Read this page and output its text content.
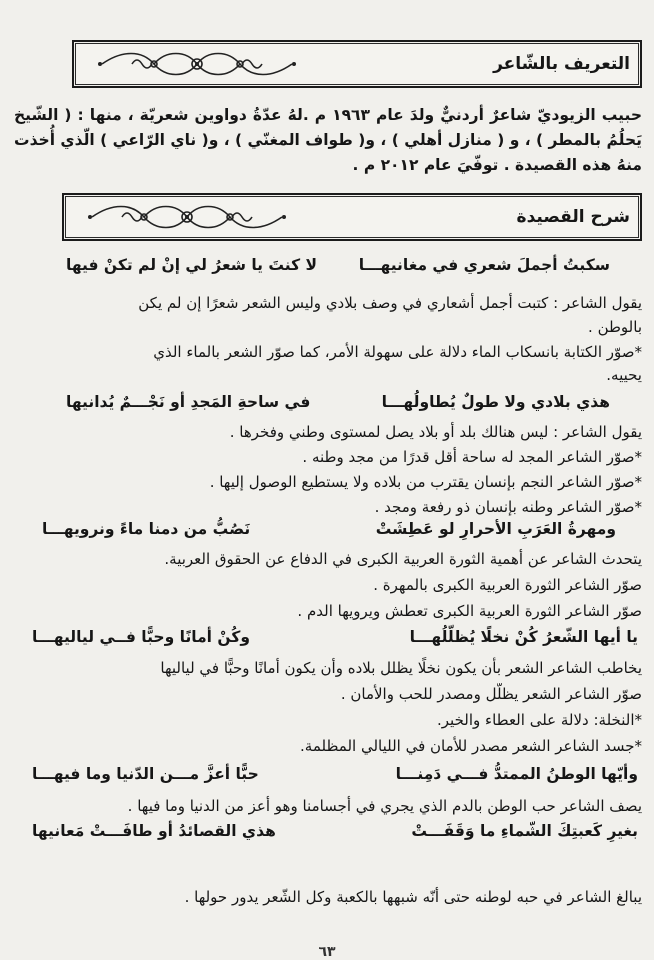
التعريف بالشّاعر
حبيب الزيوديّ شاعرٌ أردنيٌّ ولدَ عام ١٩٦٣ م .لهُ عدّةُ دواوين شعريّة ، منها : ( الشّيخ يَحلُمُ بالمطر ) ، و ( منازل أهلي ) ، و( طواف المغنّي ) ، و( ناي الرّاعي ) الّذي أُخذت منهُ هذه القصيدة . توفّيَ عام ٢٠١٢ م .
شرح القصيدة
سكبتُ أجملَ شعري في مغانيهـــا
لا كنتَ يا شعرُ لي إنْ لم تكنْ فيها
يقول الشاعر : كتبت أجمل أشعاري في وصف بلادي وليس الشعر شعرًا إن لم يكن
بالوطن .
*صوّر الكتابة بانسكاب الماء دلالة على سهولة الأمر، كما صوّر الشعر بالماء الذي
يحييه.
هذي بلادي ولا طولٌ يُطاولُهـــا
في ساحةِ المَجدِ أو نَجْـــمٌ يُدانيها
يقول الشاعر : ليس هنالك بلد أو بلاد يصل لمستوى وطني وفخرها .
*صوّر الشاعر المجد له ساحة أقل قدرًا من مجد وطنه .
*صوّر الشاعر النجم بإنسان يقترب من بلاده ولا يستطيع الوصول إليها .
*صوّر الشاعر وطنه بإنسان ذو رفعة ومجد .
ومهرةُ العَرَبِ الأحرارِ لو عَطِشَتْ
نَصُبُّ من دمنا ماءً ونرويهـــا
يتحدث الشاعر عن أهمية الثورة العربية الكبرى في الدفاع عن الحقوق العربية.
صوّر الشاعر الثورة العربية الكبرى بالمهرة .
صوّر الشاعر الثورة العربية الكبرى تعطش ويرويها الدم .
يا أيها الشّعرُ كُنْ نخلًا يُظلّلُهـــا
وكُنْ أمانًا وحبًّا فــي لياليهـــا
يخاطب الشاعر الشعر بأن يكون نخلًا يظلل بلاده وأن يكون أمانًا وحبًّا في لياليها
صوّر الشاعر الشعر يظلّل ومصدر للحب والأمان .
*النخلة: دلالة على العطاء والخير.
*جسد الشاعر الشعر مصدر للأمان في الليالي المظلمة.
وأيّها الوطنُ الممتدُّ فـــي دَمِنـــا
حبًّا أعزَّ مـــن الدّنيا وما فيهـــا
يصف الشاعر حب الوطن بالدم الذي يجري في أجسامنا وهو أعز من الدنيا وما فيها .
بغيرِ كَعبتِكَ الشّماءِ ما وَقَفَـــتْ
هذي القصائدُ أو طافَـــتْ مَعانيها
يبالغ الشاعر في حبه لوطنه حتى أنّه شبهها بالكعبة وكل الشّعر يدور حولها .
٦٣
